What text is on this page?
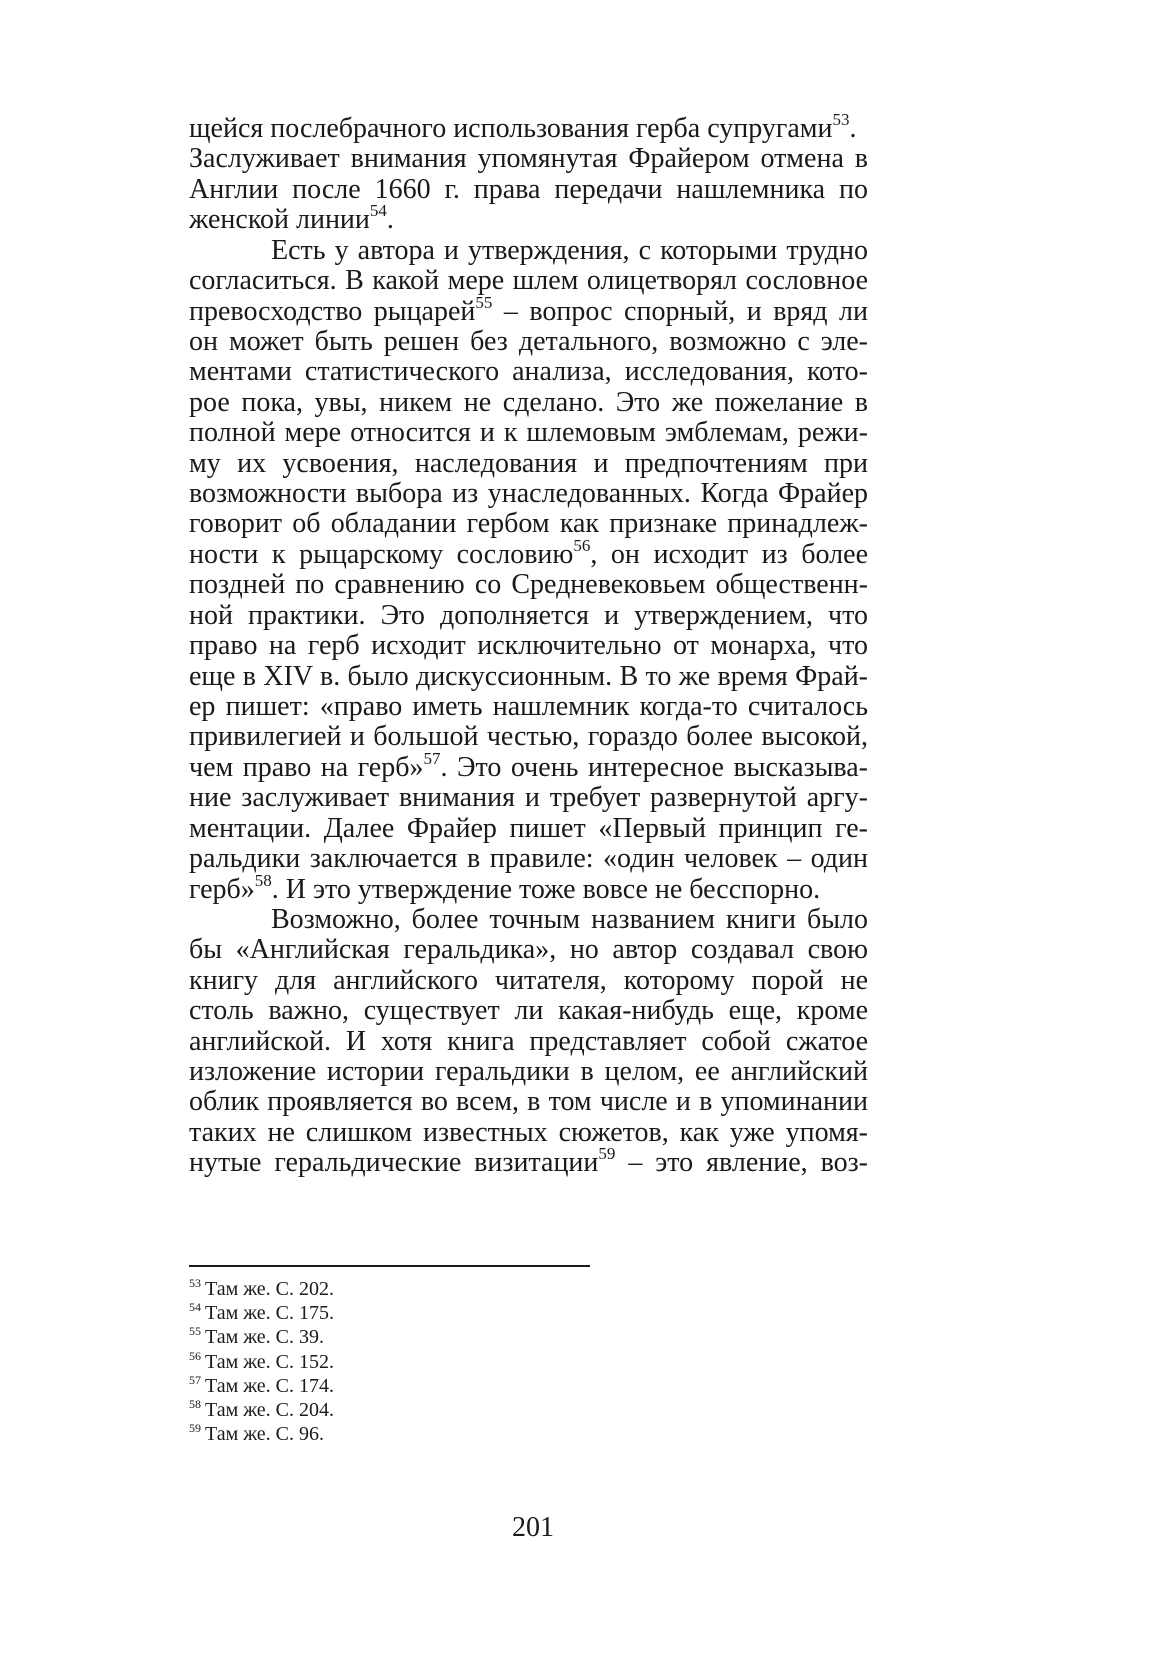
щейся послебрачного использования герба супругами$^{53}$.
Заслуживает внимания упомянутая Фрайером отмена в
Англии после 1660 г. права передачи нашлемника по
женской линии$^{54}$.
Есть у автора и утверждения, с которыми трудно
согласиться. В какой мере шлем олицетворял сословное
превосходство рыцарей$^{55}$ – вопрос спорный, и вряд ли
он может быть решен без детального, возможно с эле-
ментами статистического анализа, исследования, кото-
рое пока, увы, никем не сделано. Это же пожелание в
полной мере относится и к шлемовым эмблемам, режи-
му их усвоения, наследования и предпочтениям при
возможности выбора из унаследованных. Когда Фрайер
говорит об обладании гербом как признаке принадлеж-
ности к рыцарскому сословию$^{56}$, он исходит из более
поздней по сравнению со Средневековьем общественн-
ной практики. Это дополняется и утверждением, что
право на герб исходит исключительно от монарха, что
еще в XIV в. было дискуссионным. В то же время Фрай-
ер пишет: «право иметь нашлемник когда-то считалось
привилегией и большой честью, гораздо более высокой,
чем право на герб»$^{57}$. Это очень интересное высказыва-
ние заслуживает внимания и требует развернутой аргу-
ментации. Далее Фрайер пишет «Первый принцип ге-
ральдики заключается в правиле: «один человек – один
герб»$^{58}$. И это утверждение тоже вовсе не бесспорно.
Возможно, более точным названием книги было
бы «Английская геральдика», но автор создавал свою
книгу для английского читателя, которому порой не
столь важно, существует ли какая-нибудь еще, кроме
английской. И хотя книга представляет собой сжатое
изложение истории геральдики в целом, ее английский
облик проявляется во всем, в том числе и в упоминании
таких не слишком известных сюжетов, как уже упомя-
нутые геральдические визитации$^{59}$ – это явление, воз-
$^{53}$ Там же. С. 202.
$^{54}$ Там же. С. 175.
$^{55}$ Там же. С. 39.
$^{56}$ Там же. С. 152.
$^{57}$ Там же. С. 174.
$^{58}$ Там же. С. 204.
$^{59}$ Там же. С. 96.
201
